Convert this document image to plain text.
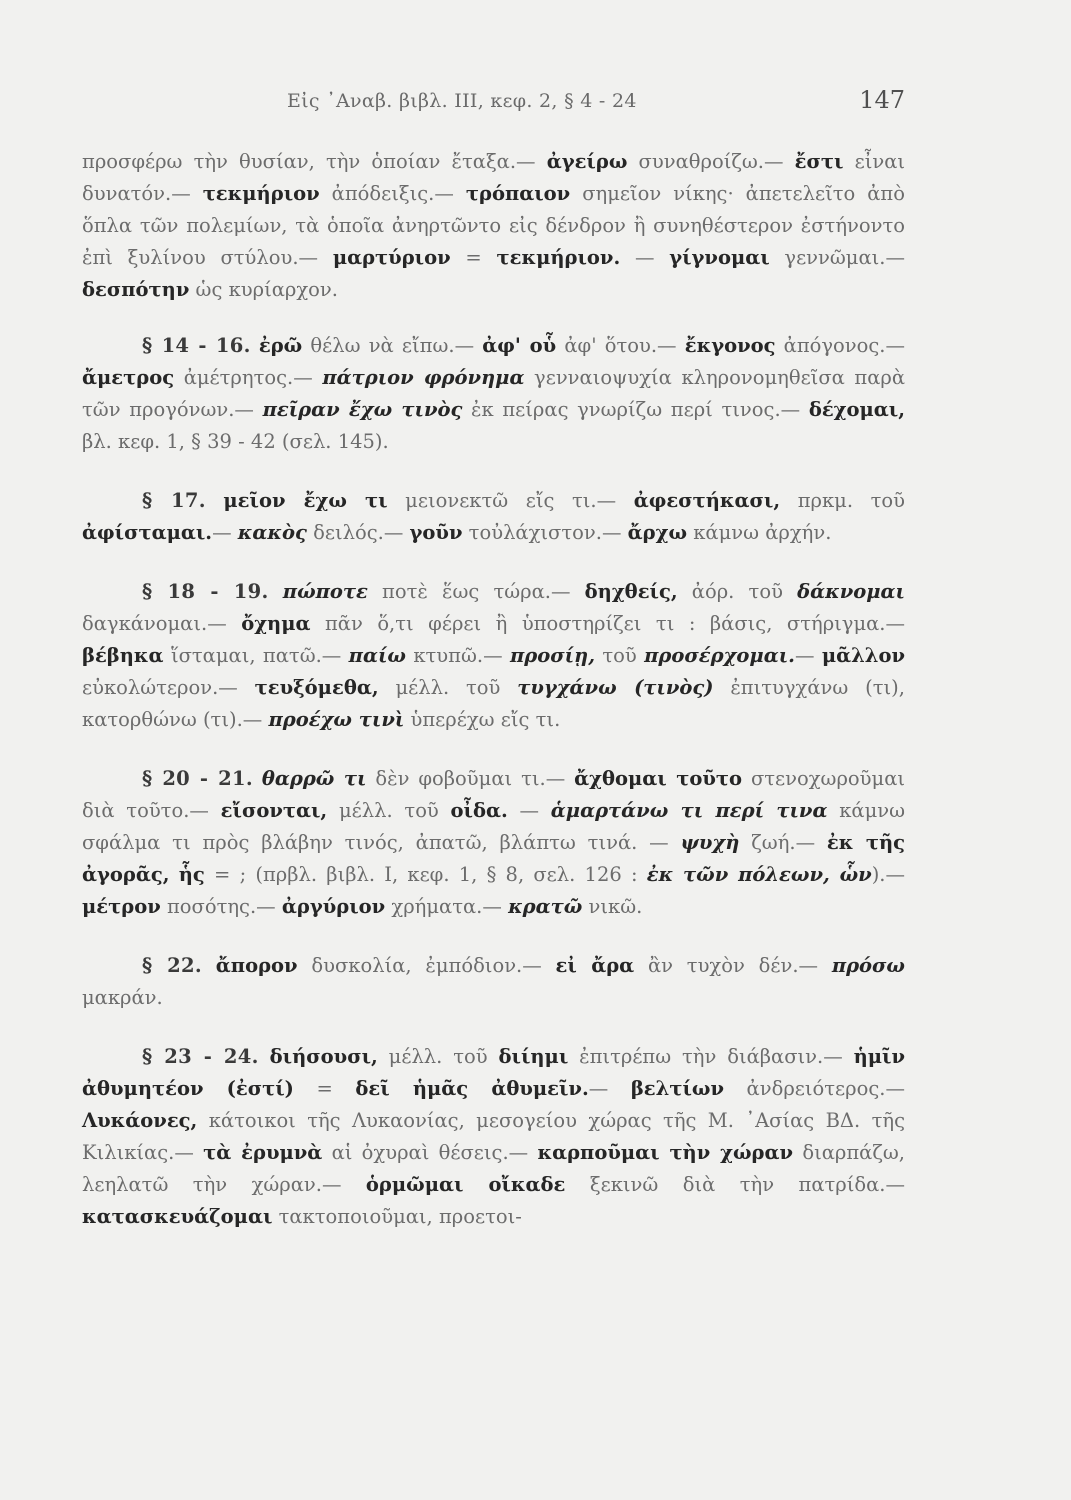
Εἰς ᾿Αναβ. βιβλ. ΙΙΙ, κεφ. 2, § 4 - 24	147

προσφέρω τὴν θυσίαν, τὴν ὁποίαν ἔταξα.— ἀγείρω συναθροίζω.— ἔστι εἶναι δυνατόν.— τεκμήριον ἀπόδειξις.— τρόπαιον σημεῖον νίκης· ἀπετελεῖτο ἀπὸ ὅπλα τῶν πολεμίων, τὰ ὁποῖα ἀνηρτῶντο εἰς δένδρον ἢ συνηθέστερον ἐστήνοντο ἐπὶ ξυλίνου στύλου.— μαρτύριον = τεκμήριον. — γίγνομαι γεννῶμαι.— δεσπότην ὡς κυρίαρχον.

§ 14 - 16. ἐρῶ θέλω νὰ εἴπω.— ἀφ' οὗ ἀφ' ὅτου.— ἔκγονος ἀπόγονος.— ἄμετρος ἀμέτρητος.— πάτριον φρόνημα γενναιοψυχία κληρονομηθεῖσα παρὰ τῶν προγόνων.— πεῖραν ἔχω τινὸς ἐκ πείρας γνωρίζω περί τινος.— δέχομαι, βλ. κεφ. 1, § 39 - 42 (σελ. 145).

§ 17. μεῖον ἔχω τι μειονεκτῶ εἴς τι.— ἀφεστήκασι, πρκμ. τοῦ ἀφίσταμαι.— κακὸς δειλός.— γοῦν τοὐλάχιστον.— ἄρχω κάμνω ἀρχήν.

§ 18 - 19. πώποτε ποτὲ ἕως τώρα.— δηχθείς, ἀόρ. τοῦ δάκνομαι δαγκάνομαι.— ὄχημα πᾶν ὅ,τι φέρει ἢ ὑποστηρίζει τι : βάσις, στήριγμα.— βέβηκα ἵσταμαι, πατῶ.— παίω κτυπῶ.— προσίῃ, τοῦ προσέρχομαι.— μᾶλλον εὐκολώτερον.— τευξόμεθα, μέλλ. τοῦ τυγχάνω (τινὸς) ἐπιτυγχάνω (τι), κατορθώνω (τι).— προέχω τινὶ ὑπερέχω εἴς τι.

§ 20 - 21. θαρρῶ τι δὲν φοβοῦμαι τι.— ἄχθομαι τοῦτο στενοχωροῦμαι διὰ τοῦτο.— εἴσονται, μέλλ. τοῦ οἶδα. — ἁμαρτάνω τι περί τινα κάμνω σφάλμα τι πρὸς βλάβην τινός, ἀπατῶ, βλάπτω τινά. — ψυχὴ ζωή.— ἐκ τῆς ἀγορᾶς, ἧς = ; (πρβλ. βιβλ. Ι, κεφ. 1, § 8, σελ. 126 : ἐκ τῶν πόλεων, ὧν).— μέτρον ποσότης.— ἀργύριον χρήματα.— κρατῶ νικῶ.

§ 22. ἄπορον δυσκολία, ἐμπόδιον.— εἰ ἄρα ἂν τυχὸν δέν.— πρόσω μακράν.

§ 23 - 24. διήσουσι, μέλλ. τοῦ διίημι ἐπιτρέπω τὴν διάβασιν.— ἡμῖν ἀθυμητέον (ἐστί) = δεῖ ἡμᾶς ἀθυμεῖν.— βελτίων ἀνδρειότερος.— Λυκάονες, κάτοικοι τῆς Λυκαονίας, μεσογείου χώρας τῆς Μ. ᾿Ασίας ΒΔ. τῆς Κιλικίας.— τὰ ἐρυμνὰ αἱ ὀχυραὶ θέσεις.— καρποῦμαι τὴν χώραν διαρπάζω, λεηλατῶ τὴν χώραν.— ὁρμῶμαι οἴκαδε ξεκινῶ διὰ τὴν πατρίδα.— κατασκευάζομαι τακτοποιοῦμαι, προετοι-
